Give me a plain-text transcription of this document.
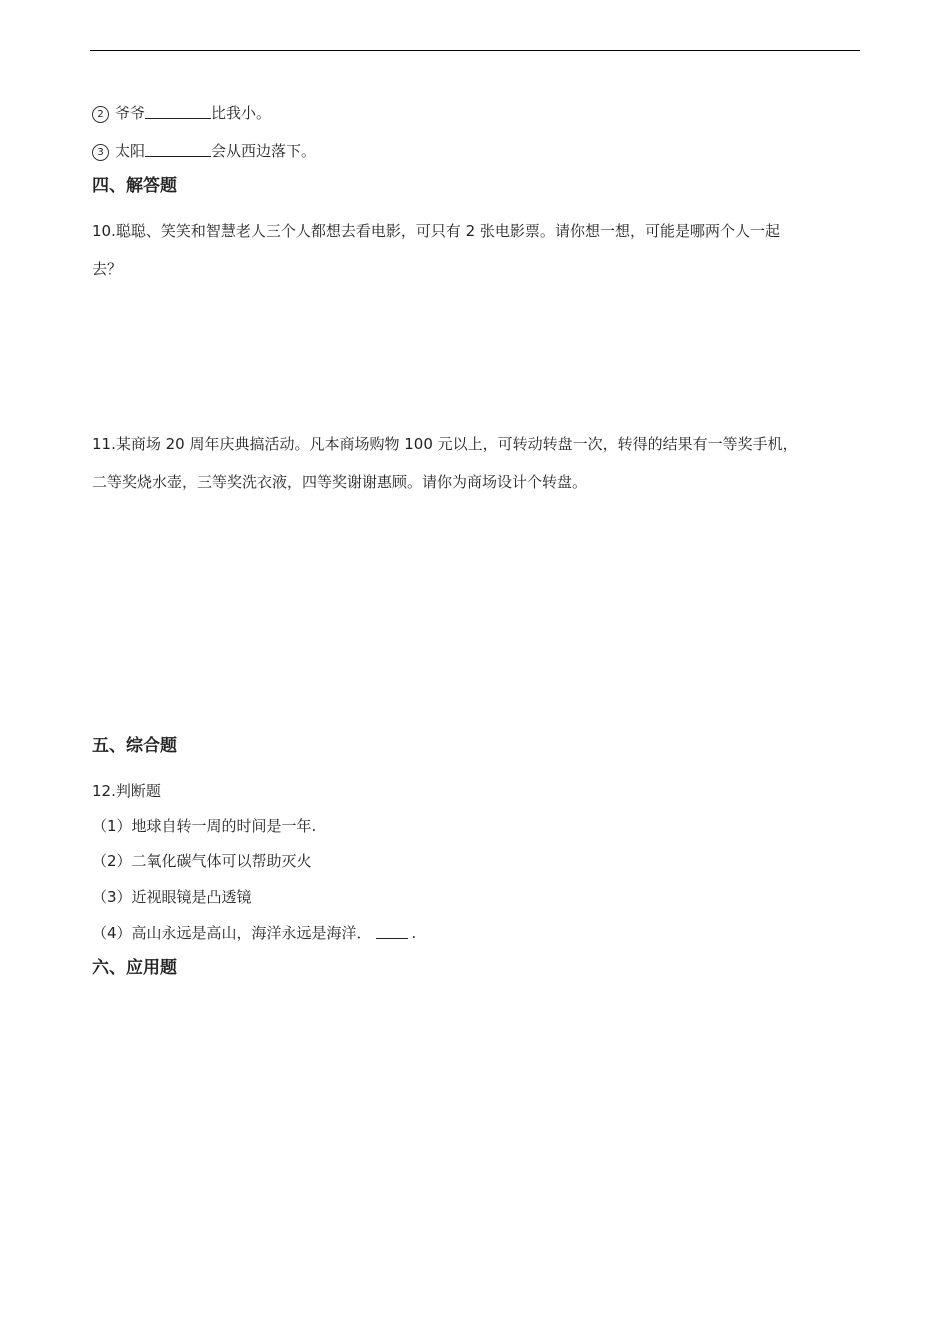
2 爷爷	比我小。
3 太阳	会从西边落下。
四、解答题
10.聪聪、笑笑和智慧老人三个人都想去看电影，可只有 2 张电影票。请你想一想，可能是哪两个人一起
去？
11.某商场 20 周年庆典搞活动。凡本商场购物 100 元以上，可转动转盘一次，转得的结果有一等奖手机，
二等奖烧水壶，三等奖洗衣液，四等奖谢谢惠顾。请你为商场设计个转盘。
五、综合题
12.判断题
（1）地球自转一周的时间是一年.
（2）二氧化碳气体可以帮助灭火
（3）近视眼镜是凸透镜
（4）高山永远是高山，海洋永远是海洋．	.
六、应用题
